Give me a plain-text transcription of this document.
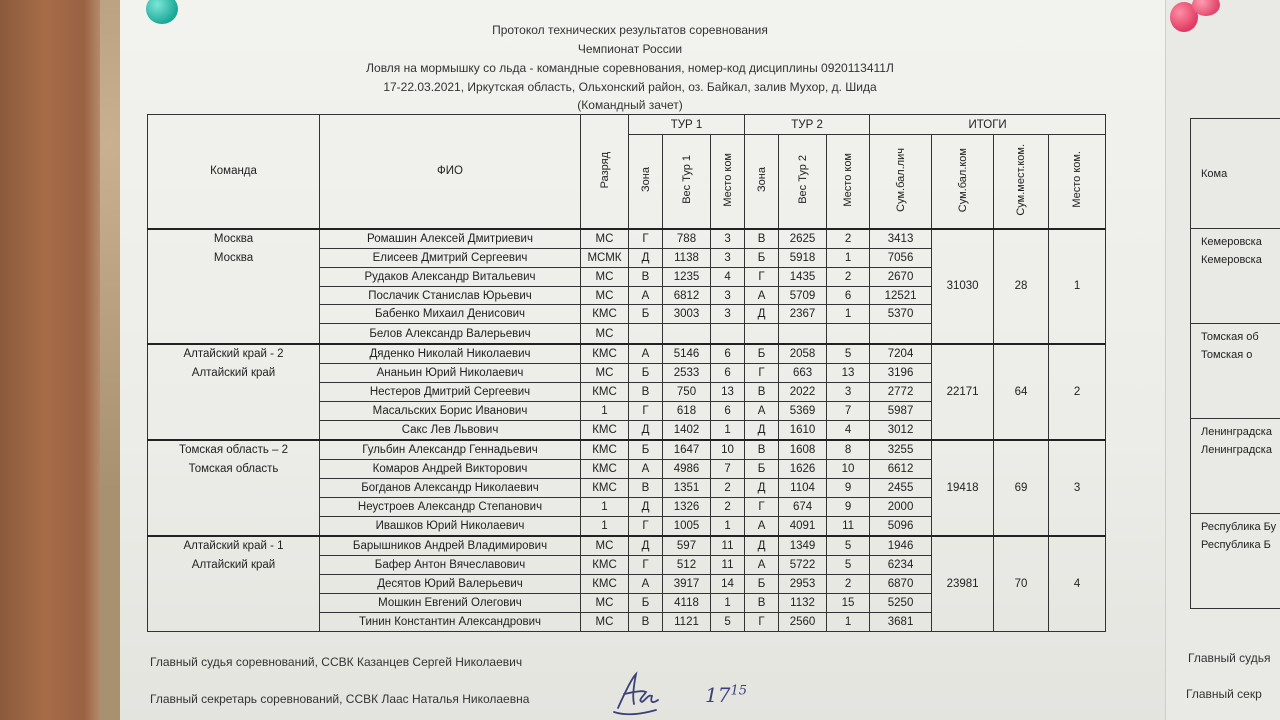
Протокол технических результатов соревнования
Чемпионат России
Ловля на мормышку со льда - командные соревнования, номер-код дисциплины 0920113411Л
17-22.03.2021, Иркутская область, Ольхонский район, оз. Байкал, залив Мухор, д. Шида
(Командный зачет)
Команда	ФИО	Разряд	ТУР 1			ТУР 2			ИТОГИ			
			Зона	Вес Тур 1	Место ком	Зона	Вес Тур 2	Место ком	Сум.бал.лич	Сум.бал.ком	Сум.мест.ком.	Место ком.

Москва
Москва	Ромашин Алексей Дмитриевич	МС	Г	788	3	В	2625	2	3413	31030	28	1
	Елисеев Дмитрий Сергеевич	МСМК	Д	1138	3	Б	5918	1	7056			
	Рудаков Александр Витальевич	МС	В	1235	4	Г	1435	2	2670			
	Послачик Станислав Юрьевич	МС	А	6812	3	А	5709	6	12521			
	Бабенко Михаил Денисович	КМС	Б	3003	3	Д	2367	1	5370			
	Белов Александр Валерьевич	МС										

Алтайский край - 2
Алтайский край	Дяденко Николай Николаевич	КМС	А	5146	6	Б	2058	5	7204	22171	64	2
	Ананьин Юрий Николаевич	МС	Б	2533	6	Г	663	13	3196			
	Нестеров Дмитрий Сергеевич	КМС	В	750	13	В	2022	3	2772			
	Масальских Борис Иванович	1	Г	618	6	А	5369	7	5987			
	Сакс Лев Львович	КМС	Д	1402	1	Д	1610	4	3012			

Томская область – 2
Томская область	Гульбин Александр Геннадьевич	КМС	Б	1647	10	В	1608	8	3255	19418	69	3
	Комаров Андрей Викторович	КМС	А	4986	7	Б	1626	10	6612			
	Богданов Александр Николаевич	КМС	В	1351	2	Д	1104	9	2455			
	Неустроев Александр Степанович	1	Д	1326	2	Г	674	9	2000			
	Ивашков Юрий Николаевич	1	Г	1005	1	А	4091	11	5096			

Алтайский край - 1
Алтайский край	Барышников Андрей Владимирович	МС	Д	597	11	Д	1349	5	1946	23981	70	4
	Бафер Антон Вячеславович	КМС	Г	512	11	А	5722	5	6234			
	Десятов Юрий Валерьевич	КМС	А	3917	14	Б	2953	2	6870			
	Мошкин Евгений Олегович	МС	Б	4118	1	В	1132	15	5250			
	Тинин Константин Александрович	МС	В	1121	5	Г	2560	1	3681			
Кома

Кемеровска
Кемеровска

Томская об
Томская о

Ленинградска
Ленинградска

Республика Бу
Республика Б
Главный судья соревнований, ССВК Казанцев Сергей Николаевич
Главный секретарь соревнований, ССВК Лаас Наталья Николаевна	$17^{15}$
Главный судья
Главный секр
